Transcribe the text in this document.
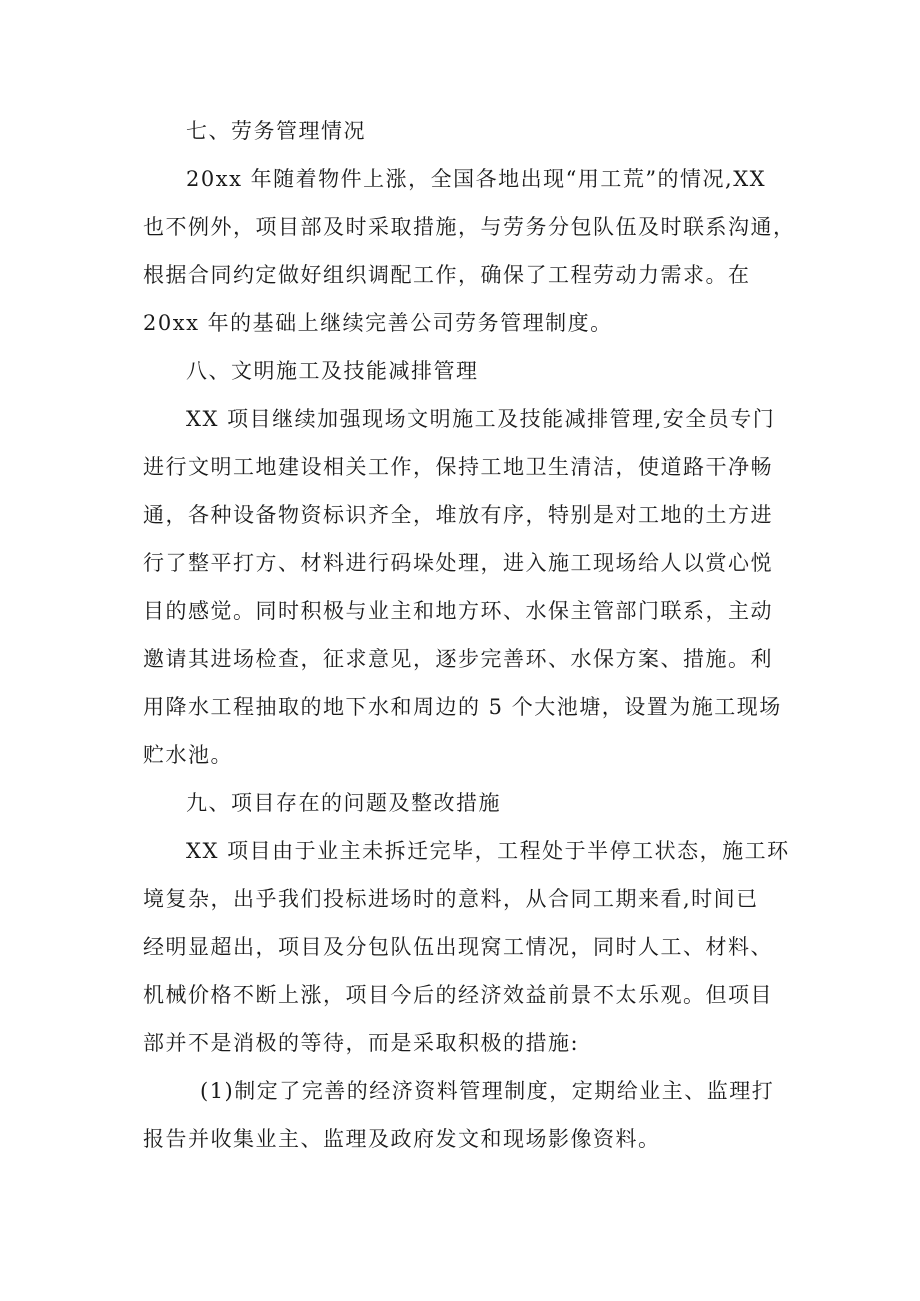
七、劳务管理情况
20xx 年随着物件上涨，全国各地出现“用工荒”的情况,XX
也不例外，项目部及时采取措施，与劳务分包队伍及时联系沟通，
根据合同约定做好组织调配工作，确保了工程劳动力需求。在
20xx 年的基础上继续完善公司劳务管理制度。
八、文明施工及技能减排管理
XX 项目继续加强现场文明施工及技能减排管理,安全员专门
进行文明工地建设相关工作，保持工地卫生清洁，使道路干净畅
通，各种设备物资标识齐全，堆放有序，特别是对工地的土方进
行了整平打方、材料进行码垛处理，进入施工现场给人以赏心悦
目的感觉。同时积极与业主和地方环、水保主管部门联系，主动
邀请其进场检查，征求意见，逐步完善环、水保方案、措施。利
用降水工程抽取的地下水和周边的 5 个大池塘，设置为施工现场
贮水池。
九、项目存在的问题及整改措施
XX 项目由于业主未拆迁完毕，工程处于半停工状态，施工环
境复杂，出乎我们投标进场时的意料，从合同工期来看,时间已
经明显超出，项目及分包队伍出现窝工情况，同时人工、材料、
机械价格不断上涨，项目今后的经济效益前景不太乐观。但项目
部并不是消极的等待，而是采取积极的措施:
(1)制定了完善的经济资料管理制度，定期给业主、监理打
报告并收集业主、监理及政府发文和现场影像资料。
